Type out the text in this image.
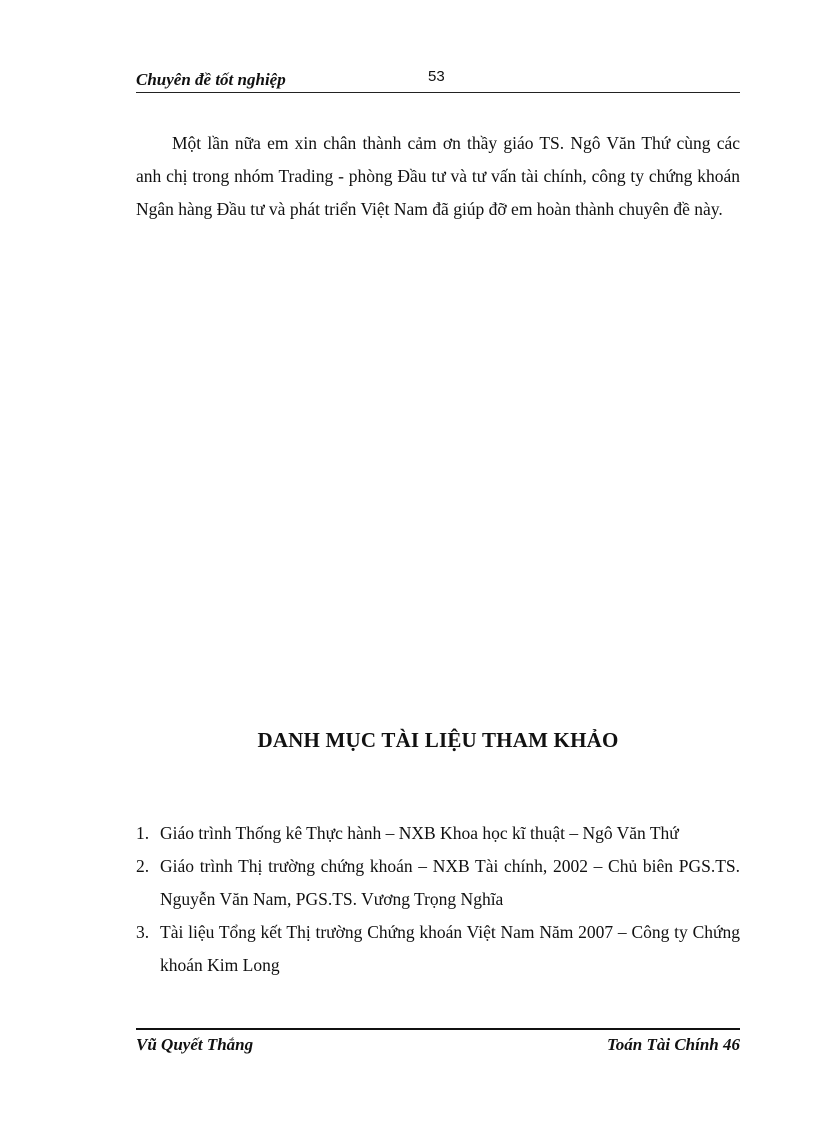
Chuyên đề tốt nghiệp	53

Một lần nữa em xin chân thành cảm ơn thầy giáo TS. Ngô Văn Thứ cùng các anh chị trong nhóm Trading - phòng Đầu tư và tư vấn tài chính, công ty chứng khoán Ngân hàng Đầu tư và phát triển Việt Nam đã giúp đỡ em hoàn thành chuyên đề này.

DANH MỤC TÀI LIỆU THAM KHẢO
1. Giáo trình Thống kê Thực hành – NXB Khoa học kĩ thuật – Ngô Văn Thứ
2. Giáo trình Thị trường chứng khoán – NXB Tài chính, 2002 – Chủ biên PGS.TS. Nguyễn Văn Nam, PGS.TS. Vương Trọng Nghĩa
3. Tài liệu Tổng kết Thị trường Chứng khoán Việt Nam Năm 2007 – Công ty Chứng khoán Kim Long
Vũ Quyết Thắng	Toán Tài Chính 46
